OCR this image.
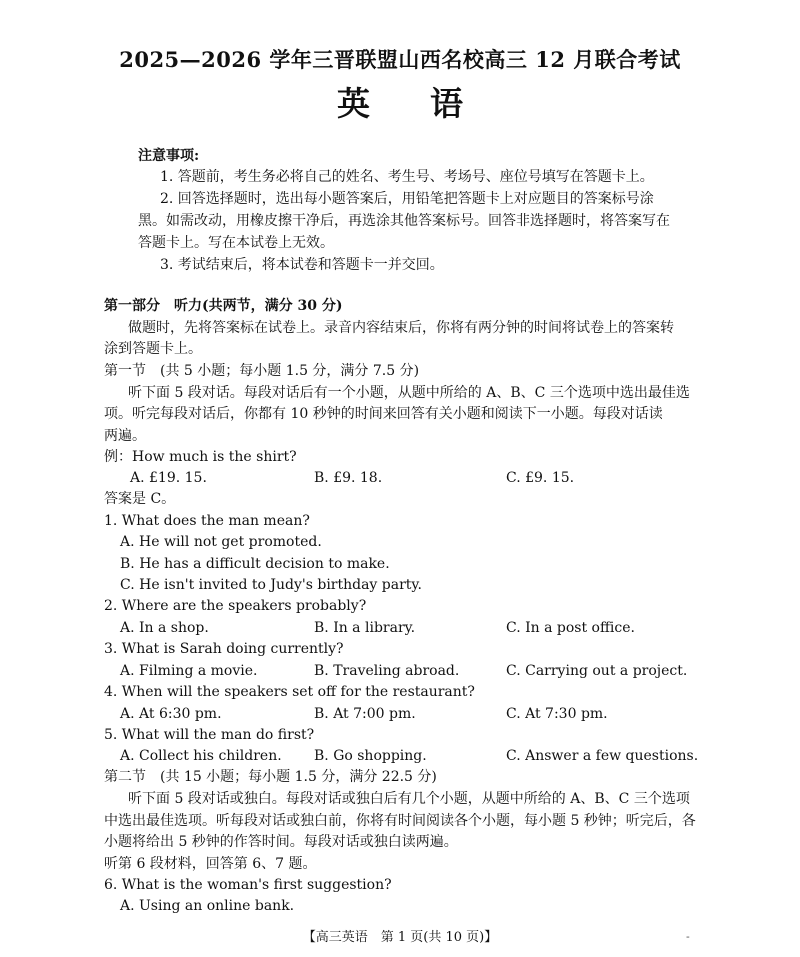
2025—2026 学年三晋联盟山西名校高三 12 月联合考试
英语
注意事项:
1. 答题前，考生务必将自己的姓名、考生号、考场号、座位号填写在答题卡上。
2. 回答选择题时，选出每小题答案后，用铅笔把答题卡上对应题目的答案标号涂
黑。如需改动，用橡皮擦干净后，再选涂其他答案标号。回答非选择题时，将答案写在
答题卡上。写在本试卷上无效。
3. 考试结束后，将本试卷和答题卡一并交回。
第一部分　听力(共两节，满分 30 分)
做题时，先将答案标在试卷上。录音内容结束后，你将有两分钟的时间将试卷上的答案转
涂到答题卡上。
第一节　(共 5 小题；每小题 1.5 分，满分 7.5 分)
听下面 5 段对话。每段对话后有一个小题，从题中所给的 A、B、C 三个选项中选出最佳选
项。听完每段对话后，你都有 10 秒钟的时间来回答有关小题和阅读下一小题。每段对话读
两遍。
例：How much is the shirt?
A. £19. 15.	B. £9. 18.	C. £9. 15.
答案是 C。
1. What does the man mean?
A. He will not get promoted.
B. He has a difficult decision to make.
C. He isn't invited to Judy's birthday party.
2. Where are the speakers probably?
A. In a shop.	B. In a library.	C. In a post office.
3. What is Sarah doing currently?
A. Filming a movie.	B. Traveling abroad.	C. Carrying out a project.
4. When will the speakers set off for the restaurant?
A. At 6:30 pm.	B. At 7:00 pm.	C. At 7:30 pm.
5. What will the man do first?
A. Collect his children. B. Go shopping.	C. Answer a few questions.
第二节　(共 15 小题；每小题 1.5 分，满分 22.5 分)
听下面 5 段对话或独白。每段对话或独白后有几个小题，从题中所给的 A、B、C 三个选项
中选出最佳选项。听每段对话或独白前，你将有时间阅读各个小题，每小题 5 秒钟；听完后，各
小题将给出 5 秒钟的作答时间。每段对话或独白读两遍。
听第 6 段材料，回答第 6、7 题。
6. What is the woman's first suggestion?
A. Using an online bank.
【高三英语　第 1 页(共 10 页)】	-
